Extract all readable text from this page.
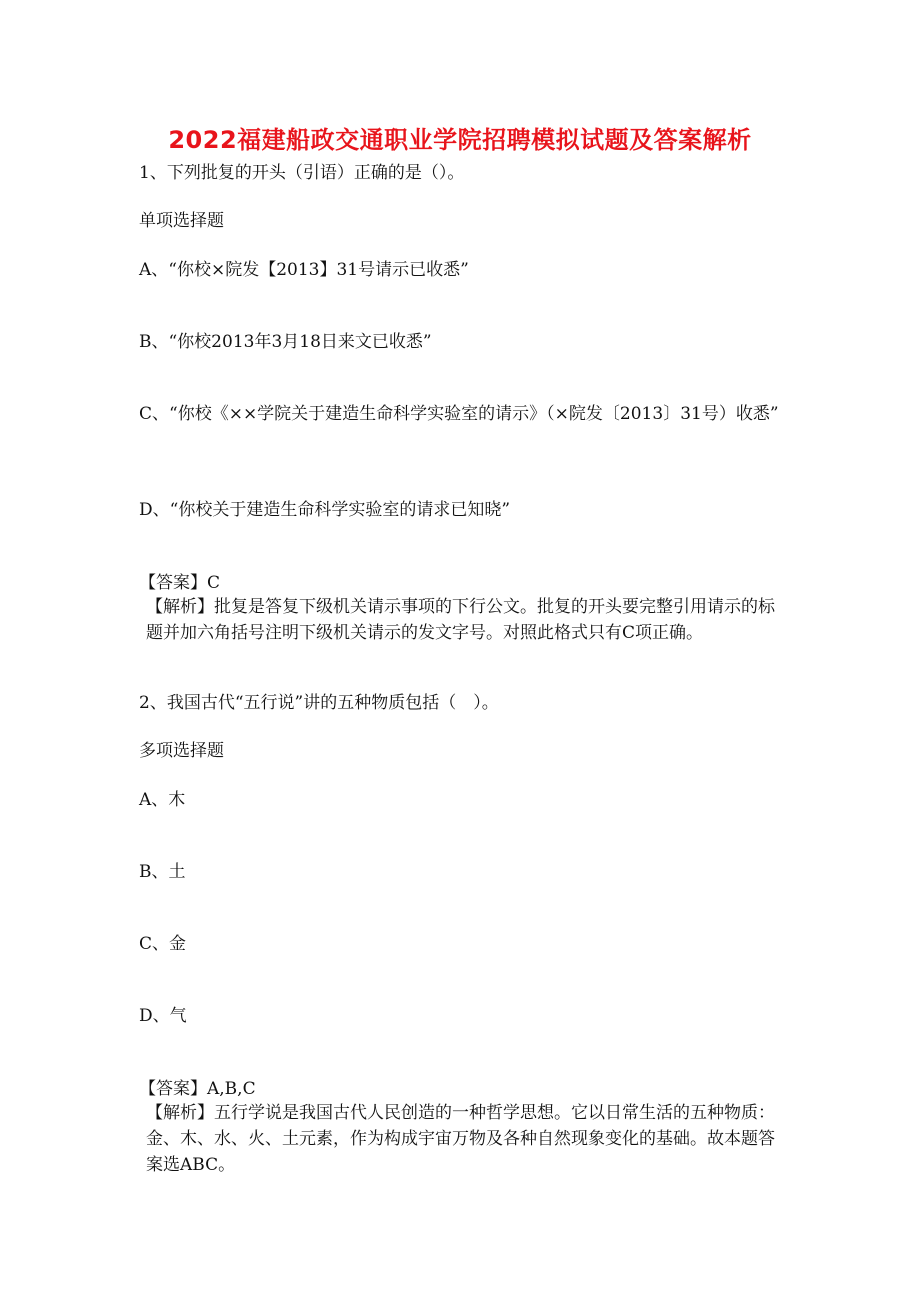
2022福建船政交通职业学院招聘模拟试题及答案解析
1、下列批复的开头（引语）正确的是（）。
单项选择题
A、“你校×院发【2013】31号请示已收悉”
B、“你校2013年3月18日来文已收悉”
C、“你校《××学院关于建造生命科学实验室的请示》（×院发〔2013〕31号）收悉”
D、“你校关于建造生命科学实验室的请求已知晓”
【答案】C
【解析】批复是答复下级机关请示事项的下行公文。批复的开头要完整引用请示的标题并加六角括号注明下级机关请示的发文字号。对照此格式只有C项正确。
2、我国古代“五行说”讲的五种物质包括（　）。
多项选择题
A、木
B、土
C、金
D、气
【答案】A,B,C
【解析】五行学说是我国古代人民创造的一种哲学思想。它以日常生活的五种物质：金、木、水、火、土元素，作为构成宇宙万物及各种自然现象变化的基础。故本题答案选ABC。
